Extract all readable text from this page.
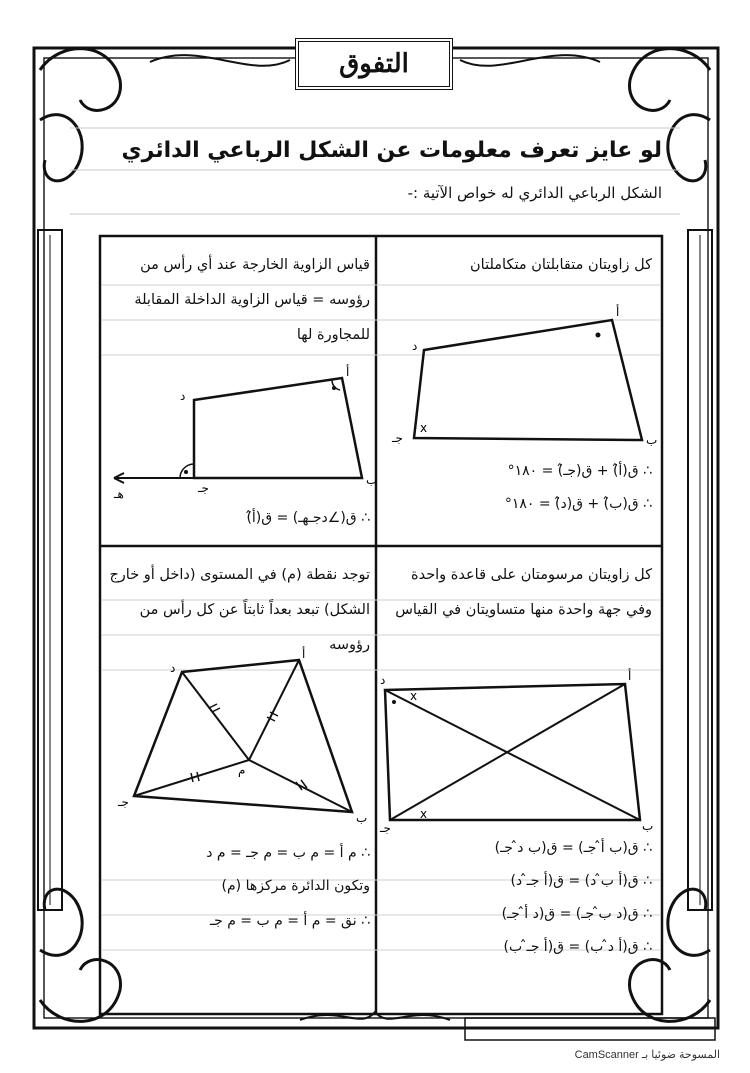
التفوق
لو عايز تعرف معلومات عن الشكل الرباعي الدائري
الشكل الرباعي الدائري له خواص الآتية :-
كل زاويتان متقابلتان متكاملتان
أ
ب
جـ
د
x
∴ ق(أ̂) + ق(جـ̂) = ١٨٠°
∴ ق(ب̂) + ق(د̂) = ١٨٠°
قياس الزاوية الخارجة عند أي رأس من رؤوسه = قياس الزاوية الداخلة المقابلة للمجاورة لها
أ
ب
جـ
د
هـ
∴ ق(∠دجـهـ) = ق(أ̂)
كل زاويتان مرسومتان على قاعدة واحدة وفي جهة واحدة منها متساويتان في القياس
أ
ب
جـ
د
x
x
∴ ق(ب أ̂ جـ) = ق(ب د̂ جـ)
∴ ق(أ ب̂ د) = ق(أ جـ̂ د)
∴ ق(د ب̂ جـ) = ق(د أ̂ جـ)
∴ ق(أ د̂ ب) = ق(أ جـ̂ ب)
توجد نقطة (م) في المستوى (داخل أو خارج الشكل) تبعد بعداً ثابتاً عن كل رأس من رؤوسه
أ
ب
جـ
د
م
∴ م أ = م ب = م جـ = م د
وتكون الدائرة مركزها (م)
∴ نق = م أ = م ب = م جـ
المسوحة ضوئيا بـ CamScanner
